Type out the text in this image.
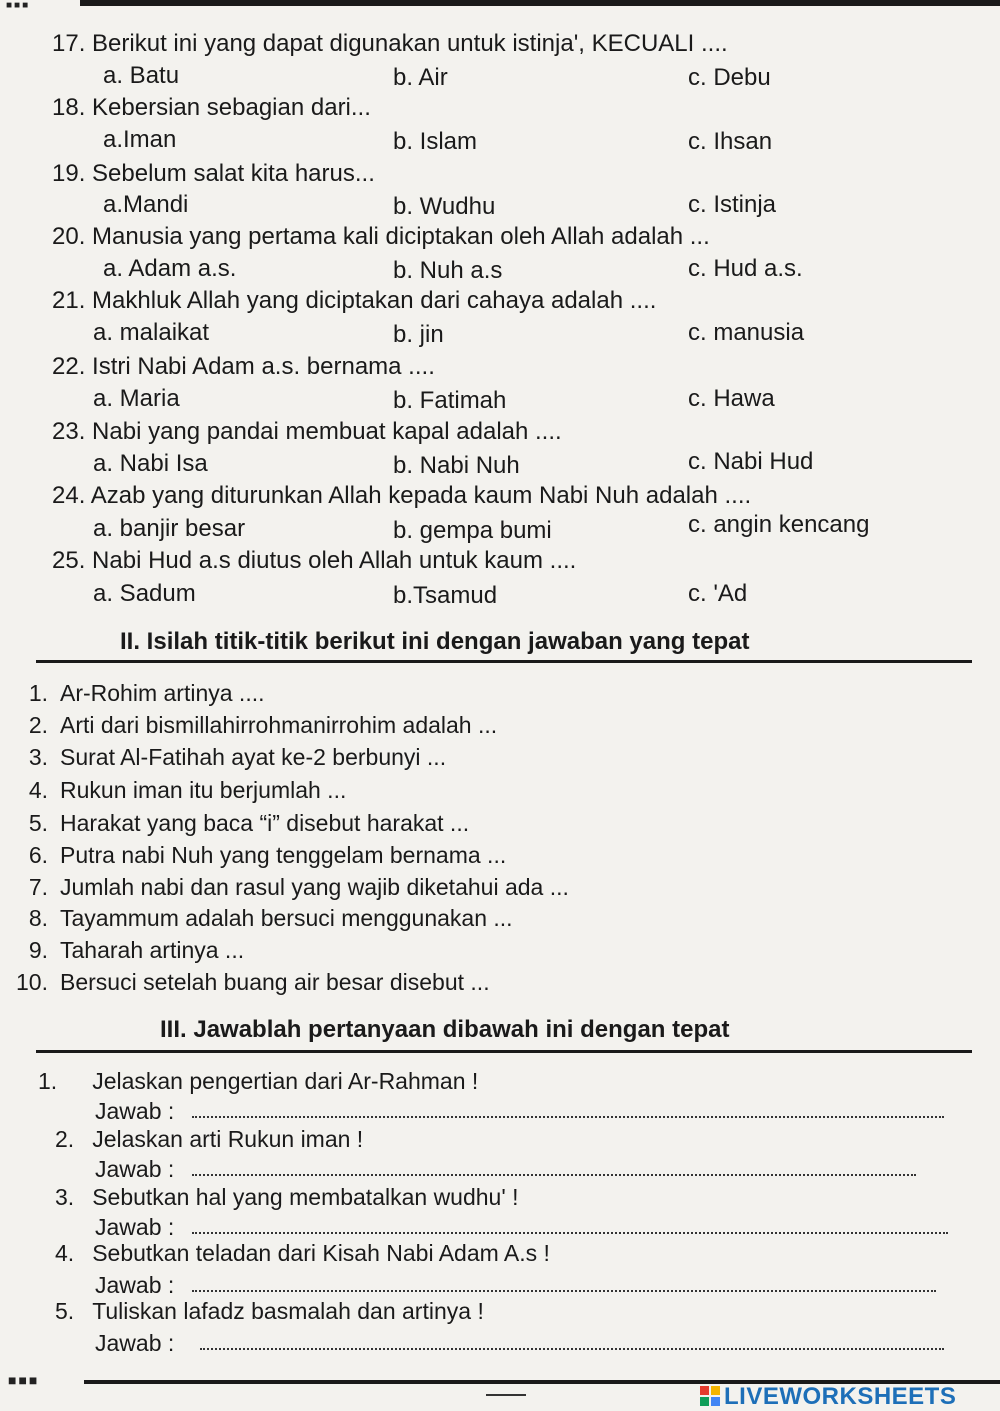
■■■
17. Berikut ini yang dapat digunakan untuk istinja', KECUALI ....
a. Batu	b. Air	c. Debu
18. Kebersian sebagian dari...
a.Iman	b. Islam	c. Ihsan
19. Sebelum salat kita harus...
a.Mandi	b. Wudhu	c. Istinja
20. Manusia yang pertama kali diciptakan oleh Allah adalah ...
a. Adam a.s.	b. Nuh a.s	c. Hud a.s.
21. Makhluk Allah yang diciptakan dari cahaya adalah ....
a. malaikat	b. jin	c. manusia
22. Istri Nabi Adam a.s. bernama ....
a. Maria	b. Fatimah	c. Hawa
23. Nabi yang pandai membuat kapal adalah ....
a. Nabi Isa	b. Nabi Nuh	c. Nabi Hud
24. Azab yang diturunkan Allah kepada kaum Nabi Nuh adalah ....
a. banjir besar	b. gempa bumi	c. angin kencang
25. Nabi Hud a.s diutus oleh Allah untuk kaum ....
a. Sadum	b.Tsamud	c. 'Ad
II. Isilah titik-titik berikut ini dengan jawaban yang tepat
1. Ar-Rohim artinya ....
2. Arti dari bismillahirrohmanirrohim adalah ...
3. Surat Al-Fatihah ayat ke-2 berbunyi ...
4. Rukun iman itu berjumlah ...
5. Harakat yang baca “i” disebut harakat ...
6. Putra nabi Nuh yang tenggelam bernama ...
7. Jumlah nabi dan rasul yang wajib diketahui ada ...
8. Tayammum adalah bersuci menggunakan ...
9. Taharah artinya ...
10. Bersuci setelah buang air besar disebut ...
III. Jawablah pertanyaan dibawah ini dengan tepat
1. Jelaskan pengertian dari Ar-Rahman !
Jawab :
2. Jelaskan arti Rukun iman !
Jawab :
3. Sebutkan hal yang membatalkan wudhu' !
Jawab :
4. Sebutkan teladan dari Kisah Nabi Adam A.s !
Jawab :
5. Tuliskan lafadz basmalah dan artinya !
Jawab :
■■■
LIVEWORKSHEETS
